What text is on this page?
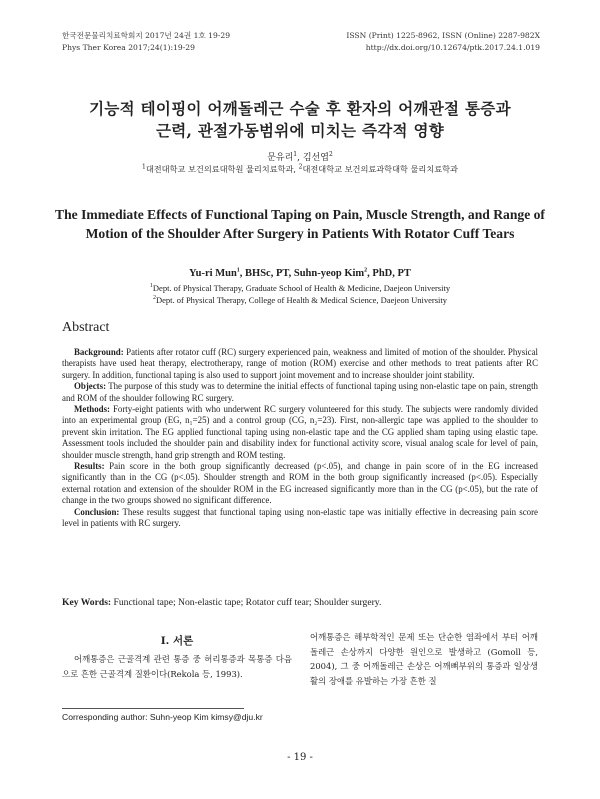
한국전문물리치료학회지 2017년 24권 1호 19-29
Phys Ther Korea 2017;24(1):19-29
ISSN (Print) 1225-8962, ISSN (Online) 2287-982X
http://dx.doi.org/10.12674/ptk.2017.24.1.019
기능적 테이핑이 어깨돌레근 수술 후 환자의 어깨관절 통증과
근력, 관절가동범위에 미치는 즉각적 영향
문유리$^1$, 김선엽$^2$
$^1$대전대학교 보건의료대학원 물리치료학과, $^2$대전대학교 보건의료과학대학 물리치료학과
The Immediate Effects of Functional Taping on Pain, Muscle Strength, and Range of Motion of the Shoulder After Surgery in Patients With Rotator Cuff Tears
Yu-ri Mun$^1$, BHSc, PT, Suhn-yeop Kim$^2$, PhD, PT
$^1$Dept. of Physical Therapy, Graduate School of Health & Medicine, Daejeon University
$^2$Dept. of Physical Therapy, College of Health & Medical Science, Daejeon University
Abstract

Background: Patients after rotator cuff (RC) surgery experienced pain, weakness and limited of motion of the shoulder. Physical therapists have used heat therapy, electrotherapy, range of motion (ROM) exercise and other methods to treat patients after RC surgery. In addition, functional taping is also used to support joint movement and to increase shoulder joint stability.

Objects: The purpose of this study was to determine the initial effects of functional taping using non-elastic tape on pain, strength and ROM of the shoulder following RC surgery.

Methods: Forty-eight patients with who underwent RC surgery volunteered for this study. The subjects were randomly divided into an experimental group (EG, n₁=25) and a control group (CG, n₂=23). First, non-allergic tape was applied to the shoulder to prevent skin irritation. The EG applied functional taping using non-elastic tape and the CG applied sham taping using elastic tape. Assessment tools included the shoulder pain and disability index for functional activity score, visual analog scale for level of pain, shoulder muscle strength, hand grip strength and ROM testing.

Results: Pain score in the both group significantly decreased (p<.05), and change in pain score of in the EG increased significantly than in the CG (p<.05). Shoulder strength and ROM in the both group significantly increased (p<.05). Especially external rotation and extension of the shoulder ROM in the EG increased significantly more than in the CG (p<.05), but the rate of change in the two groups showed no significant difference.

Conclusion: These results suggest that functional taping using non-elastic tape was initially effective in decreasing pain score level in patients with RC surgery.

Key Words: Functional tape; Non-elastic tape; Rotator cuff tear; Shoulder surgery.
Ⅰ. 서론
어깨통증은 근골격계 관련 통증 중 허리통증과 목통증 다음으로 흔한 근골격계 질환이다(Rekola 등, 1993).
어깨통증은 해부학적인 문제 또는 단순한 염좌에서 부터 어깨돌레근 손상까지 다양한 원인으로 발생하고 (Gomoll 등, 2004), 그 중 어깨돌레근 손상은 어깨뼈부위의 통증과 일상생활의 장애를 유발하는 가장 흔한 질
Corresponding author: Suhn-yeop Kim kimsy@dju.kr
- 19 -
